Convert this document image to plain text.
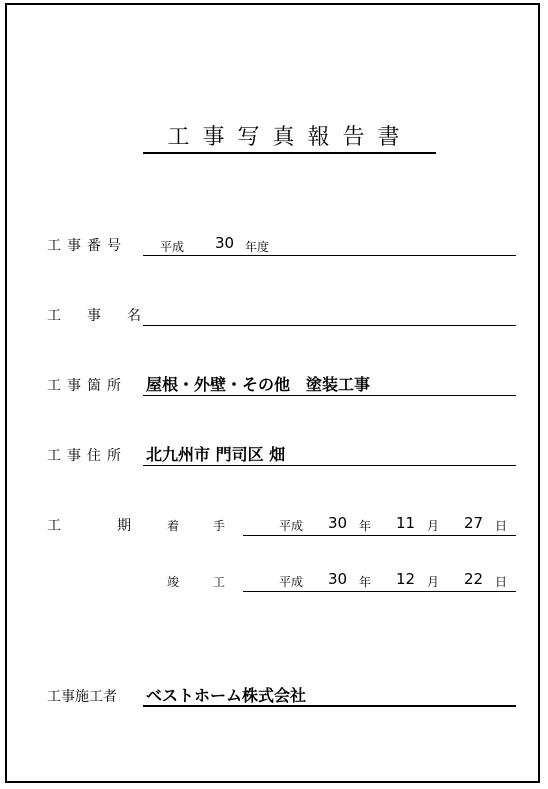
工事写真報告書
工事番号	平成 30 年度
工事名
工事箇所 屋根・外壁・その他　塗装工事
工事住所 北九州市 門司区 畑
工期
着手 平成 30 年 11 月 27 日
竣工 平成 30 年 12 月 22 日
工事施工者 ベストホーム株式会社
